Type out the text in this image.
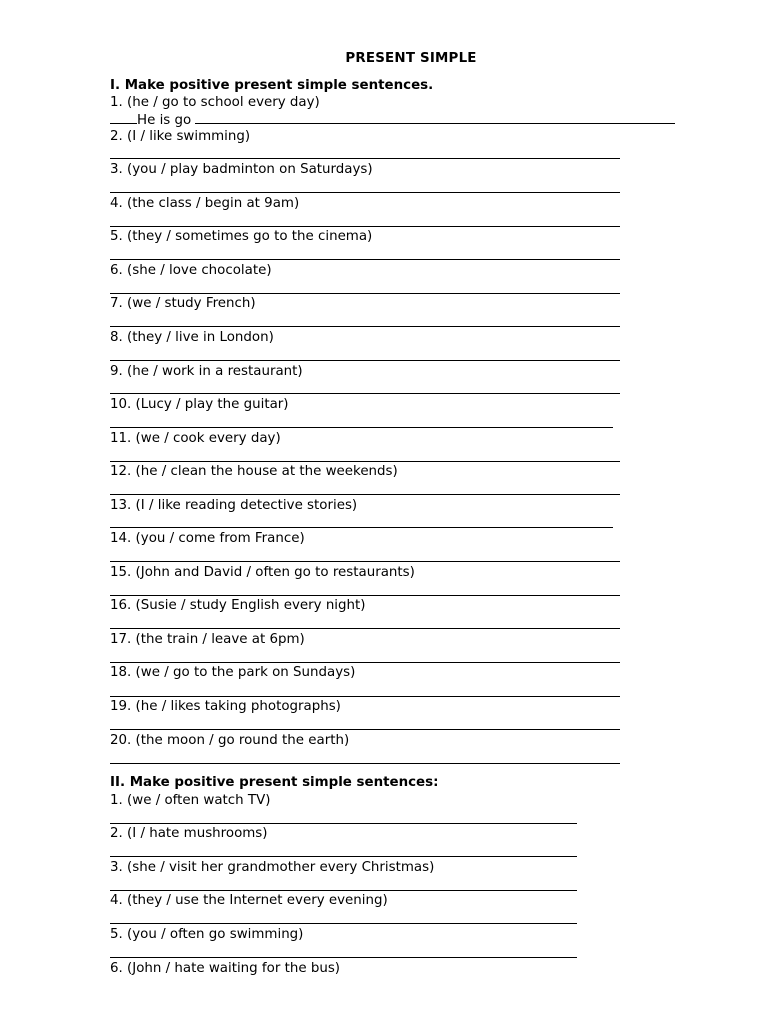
PRESENT SIMPLE
I. Make positive present simple sentences.

1. (he / go to school every day)

He is go

2. (I / like swimming)

3. (you / play badminton on Saturdays)

4. (the class / begin at 9am)

5. (they / sometimes go to the cinema)

6. (she / love chocolate)

7. (we / study French)

8. (they / live in London)

9. (he / work in a restaurant)

10. (Lucy / play the guitar)

11. (we / cook every day)

12. (he / clean the house at the weekends)

13. (I / like reading detective stories)

14. (you / come from France)

15. (John and David / often go to restaurants)

16. (Susie / study English every night)

17. (the train / leave at 6pm)

18. (we / go to the park on Sundays)

19. (he / likes taking photographs)

20. (the moon / go round the earth)

II. Make positive present simple sentences:

1. (we / often watch TV)

2. (I / hate mushrooms)

3. (she / visit her grandmother every Christmas)

4. (they / use the Internet every evening)

5. (you / often go swimming)

6. (John / hate waiting for the bus)
